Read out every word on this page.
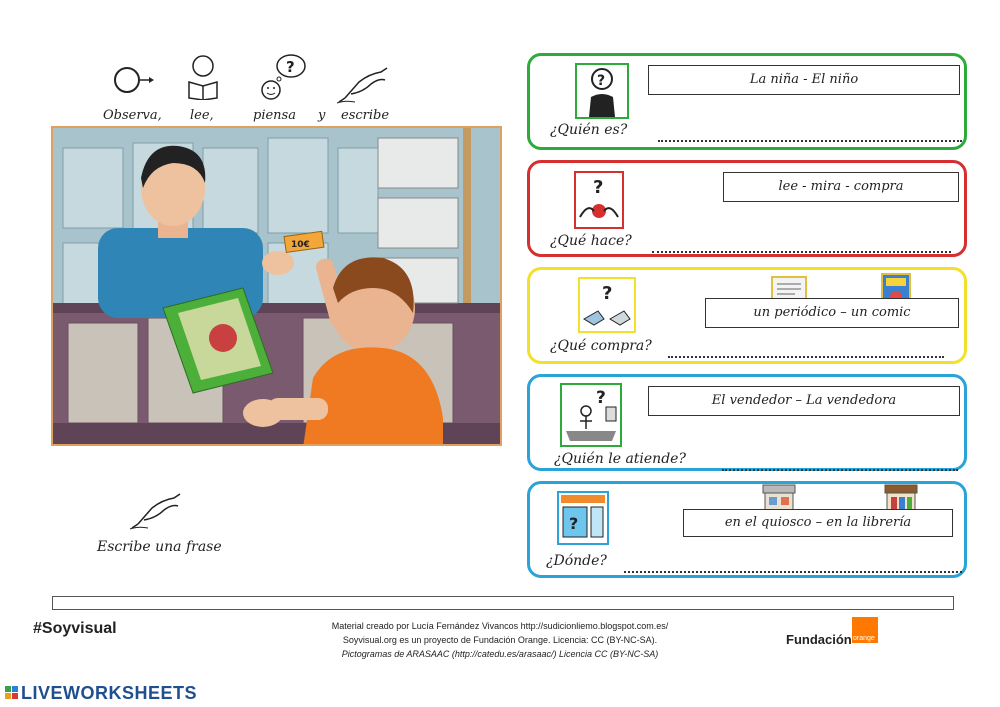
?
Observa, lee,	piensa y escribe
10€
Escribe una frase
?	La niña - El niño
¿Quién es?
?	lee - mira - compra
¿Qué hace?
?
un periódico – un comic
¿Qué compra?
?	El vendedor – La vendedora
¿Quién le atiende?
?	en el quiosco – en la librería
¿Dónde?
#Soyvisual	Material creado por Lucía Fernández Vivancos http://sudicionliemo.blogspot.com.es/
Soyvisual.org es un proyecto de Fundación Orange. Licencia: CC (BY-NC-SA).
Pictogramas de ARASAAC (http://catedu.es/arasaac/) Licencia CC (BY-NC-SA)
Fundación orange
LIVEWORKSHEETS
